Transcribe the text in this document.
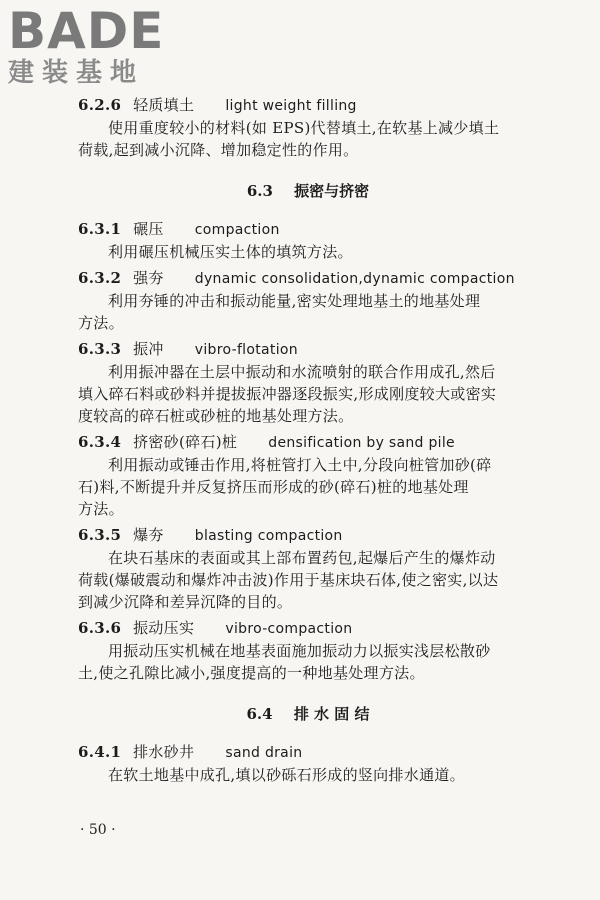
BADE
建装基地
6.2.6 轻质填土 light weight filling
使用重度较小的材料(如 EPS)代替填土,在软基上减少填土
荷载,起到减小沉降、增加稳定性的作用。
6.3 振密与挤密
6.3.1 碾压 compaction
利用碾压机械压实土体的填筑方法。
6.3.2 强夯 dynamic consolidation,dynamic compaction
利用夯锤的冲击和振动能量,密实处理地基土的地基处理
方法。
6.3.3 振冲 vibro-flotation
利用振冲器在土层中振动和水流喷射的联合作用成孔,然后
填入碎石料或砂料并提拔振冲器逐段振实,形成刚度较大或密实
度较高的碎石桩或砂桩的地基处理方法。
6.3.4 挤密砂(碎石)桩 densification by sand pile
利用振动或锤击作用,将桩管打入土中,分段向桩管加砂(碎
石)料,不断提升并反复挤压而形成的砂(碎石)桩的地基处理
方法。
6.3.5 爆夯 blasting compaction
在块石基床的表面或其上部布置药包,起爆后产生的爆炸动
荷载(爆破震动和爆炸冲击波)作用于基床块石体,使之密实,以达
到减少沉降和差异沉降的目的。
6.3.6 振动压实 vibro-compaction
用振动压实机械在地基表面施加振动力以振实浅层松散砂
土,使之孔隙比减小,强度提高的一种地基处理方法。
6.4 排 水 固 结
6.4.1 排水砂井 sand drain
在软土地基中成孔,填以砂砾石形成的竖向排水通道。
· 50 ·
